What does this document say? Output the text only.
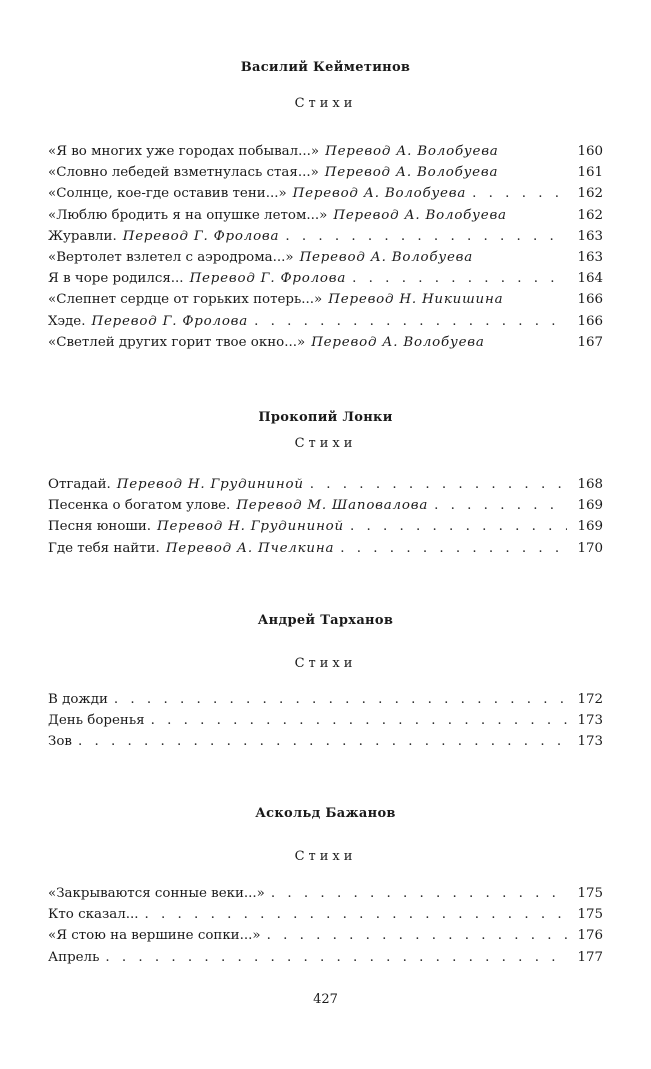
Василий Кейметинов
Стихи
«Я во многих уже городах побывал...» Перевод А. Волобуева	160
«Словно лебедей взметнулась стая...» Перевод А. Волобуева	161
«Солнце, кое-где оставив тени...» Перевод А. Волобуева . . .	162
«Люблю бродить я на опушке летом...» Перевод А. Волобуева	162
Журавли. Перевод Г. Фролова . . .	163
«Вертолет взлетел с аэродрома...» Перевод А. Волобуева	163
Я в чоре родился... Перевод Г. Фролова . . .	164
«Слепнет сердце от горьких потерь...» Перевод Н. Никишина	166
Хэде. Перевод Г. Фролова . . .	166
«Светлей других горит твое окно...» Перевод А. Волобуева	167
Прокопий Лонки
Стихи
Отгадай. Перевод Н. Грудининой . . .	168
Песенка о богатом улове. Перевод М. Шаповалова . . .	169
Песня юноши. Перевод Н. Грудининой . . .	169
Где тебя найти. Перевод А. Пчелкина . . .	170
Андрей Тарханов
Стихи
В дожди . . .	172
День боренья . . .	173
Зов . . .	173
Аскольд Бажанов
Стихи
«Закрываются сонные веки...» . . .	175
Кто сказал... . . .	175
«Я стою на вершине сопки...» . . .	176
Апрель . . .	177
427
